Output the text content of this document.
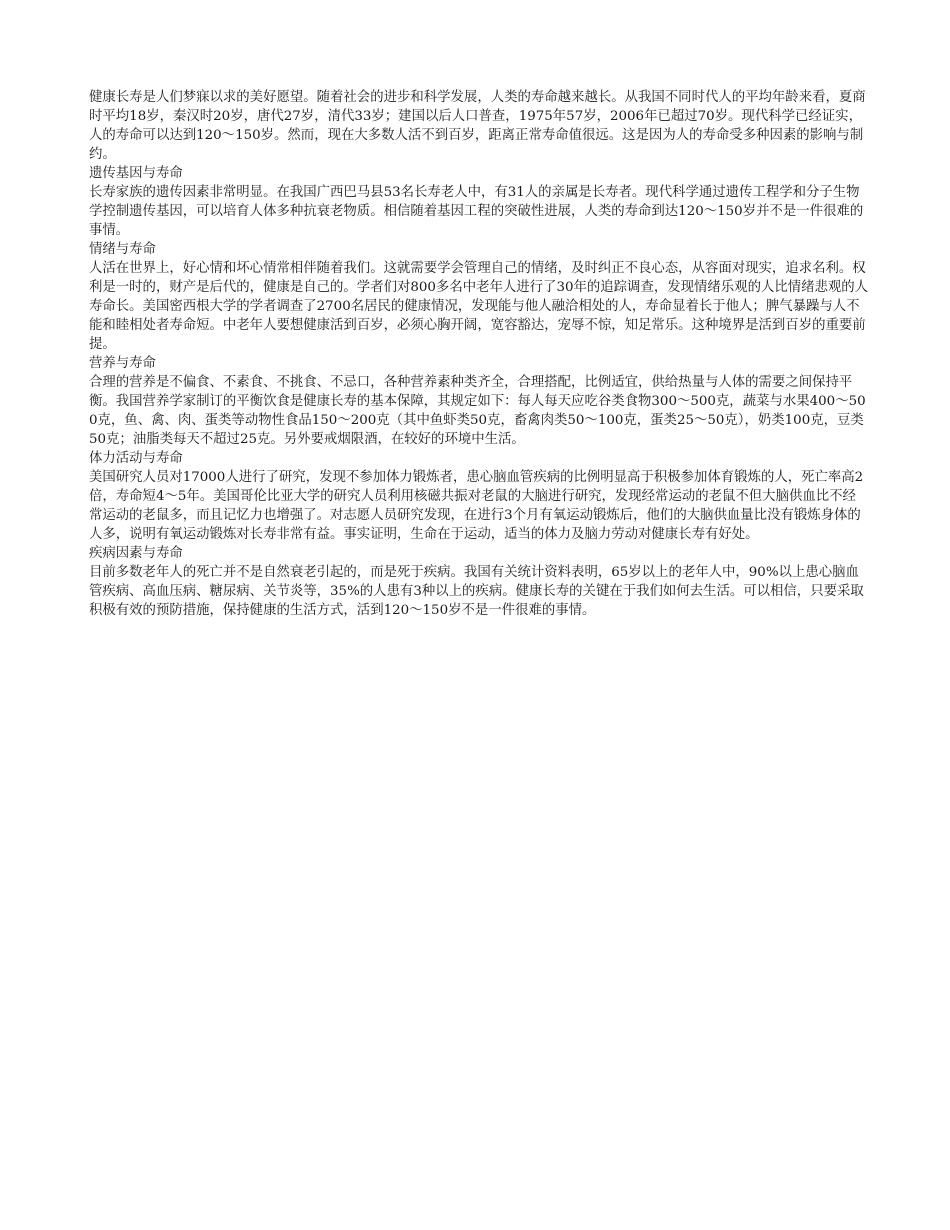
健康长寿是人们梦寐以求的美好愿望。随着社会的进步和科学发展，人类的寿命越来越长。从我国不同时代人的平均年龄来看，夏商时平均18岁，秦汉时20岁，唐代27岁，清代33岁；建国以后人口普查，1975年57岁，2006年已超过70岁。现代科学已经证实，人的寿命可以达到120～150岁。然而，现在大多数人活不到百岁，距离正常寿命值很远。这是因为人的寿命受多种因素的影响与制约。

遗传基因与寿命

长寿家族的遗传因素非常明显。在我国广西巴马县53名长寿老人中，有31人的亲属是长寿者。现代科学通过遗传工程学和分子生物学控制遗传基因，可以培育人体多种抗衰老物质。相信随着基因工程的突破性进展，人类的寿命到达120～150岁并不是一件很难的事情。

情绪与寿命

人活在世界上，好心情和坏心情常相伴随着我们。这就需要学会管理自己的情绪，及时纠正不良心态，从容面对现实，追求名利。权利是一时的，财产是后代的，健康是自己的。学者们对800多名中老年人进行了30年的追踪调查，发现情绪乐观的人比情绪悲观的人寿命长。美国密西根大学的学者调查了2700名居民的健康情况，发现能与他人融洽相处的人，寿命显着长于他人；脾气暴躁与人不能和睦相处者寿命短。中老年人要想健康活到百岁，必须心胸开阔，宽容豁达，宠辱不惊，知足常乐。这种境界是活到百岁的重要前提。

营养与寿命

合理的营养是不偏食、不素食、不挑食、不忌口，各种营养素种类齐全，合理搭配，比例适宜，供给热量与人体的需要之间保持平衡。我国营养学家制订的平衡饮食是健康长寿的基本保障，其规定如下：每人每天应吃谷类食物300～500克，蔬菜与水果400～500克，鱼、禽、肉、蛋类等动物性食品150～200克（其中鱼虾类50克，畜禽肉类50～100克，蛋类25～50克），奶类100克，豆类50克；油脂类每天不超过25克。另外要戒烟限酒，在较好的环境中生活。

体力活动与寿命

美国研究人员对17000人进行了研究，发现不参加体力锻炼者，患心脑血管疾病的比例明显高于积极参加体育锻炼的人，死亡率高2倍，寿命短4～5年。美国哥伦比亚大学的研究人员利用核磁共振对老鼠的大脑进行研究，发现经常运动的老鼠不但大脑供血比不经常运动的老鼠多，而且记忆力也增强了。对志愿人员研究发现，在进行3个月有氧运动锻炼后，他们的大脑供血量比没有锻炼身体的人多，说明有氧运动锻炼对长寿非常有益。事实证明，生命在于运动，适当的体力及脑力劳动对健康长寿有好处。

疾病因素与寿命

目前多数老年人的死亡并不是自然衰老引起的，而是死于疾病。我国有关统计资料表明，65岁以上的老年人中，90%以上患心脑血管疾病、高血压病、糖尿病、关节炎等，35%的人患有3种以上的疾病。健康长寿的关键在于我们如何去生活。可以相信，只要采取积极有效的预防措施，保持健康的生活方式，活到120～150岁不是一件很难的事情。
